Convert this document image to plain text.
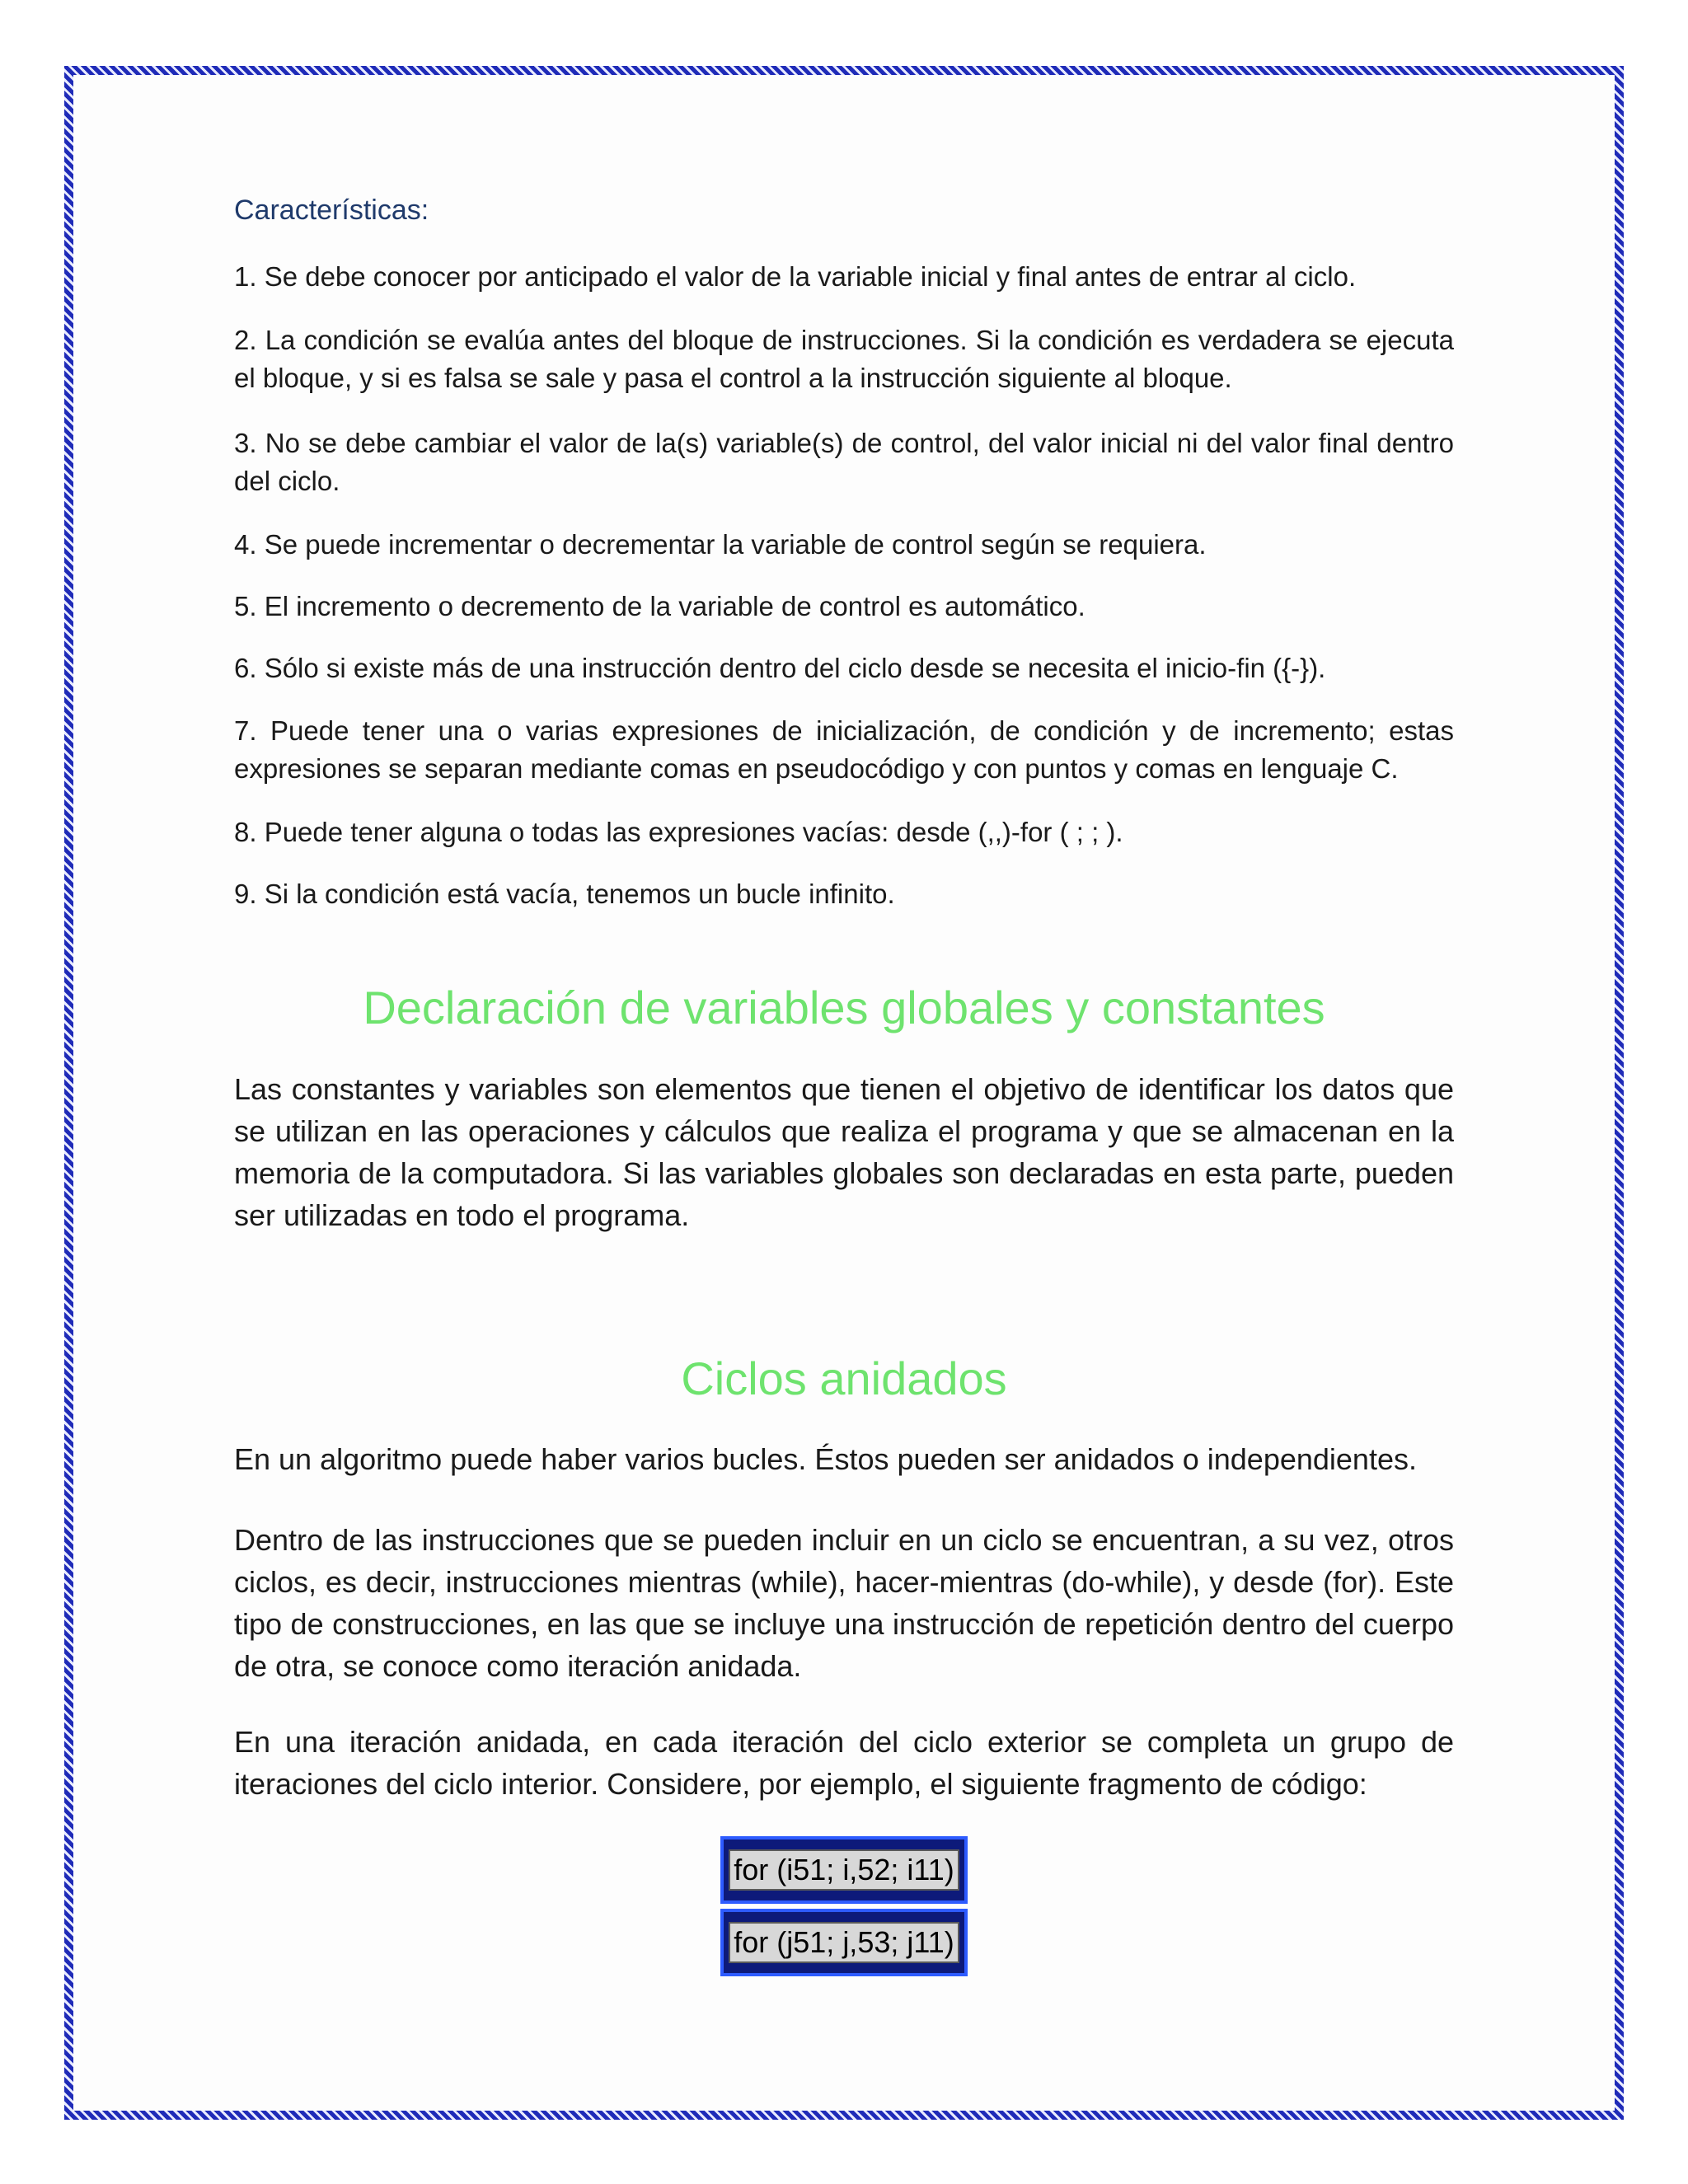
Características:
1. Se debe conocer por anticipado el valor de la variable inicial y final antes de entrar al ciclo.
2. La condición se evalúa antes del bloque de instrucciones. Si la condición es verdadera se ejecuta el bloque, y si es falsa se sale y pasa el control a la instrucción siguiente al bloque.
3. No se debe cambiar el valor de la(s) variable(s) de control, del valor inicial ni del valor final dentro del ciclo.
4. Se puede incrementar o decrementar la variable de control según se requiera.
5. El incremento o decremento de la variable de control es automático.
6. Sólo si existe más de una instrucción dentro del ciclo desde se necesita el inicio-fin ({-}).
7. Puede tener una o varias expresiones de inicialización, de condición y de incremento; estas expresiones se separan mediante comas en pseudocódigo y con puntos y comas en lenguaje C.
8. Puede tener alguna o todas las expresiones vacías: desde (,,)-for ( ; ; ).
9. Si la condición está vacía, tenemos un bucle infinito.
Declaración de variables globales y constantes
Las constantes y variables son elementos que tienen el objetivo de identificar los datos que se utilizan en las operaciones y cálculos que realiza el programa y que se almacenan en la memoria de la computadora. Si las variables globales son declaradas en esta parte, pueden ser utilizadas en todo el programa.
Ciclos anidados
En un algoritmo puede haber varios bucles. Éstos pueden ser anidados o independientes.
Dentro de las instrucciones que se pueden incluir en un ciclo se encuentran, a su vez, otros ciclos, es decir, instrucciones mientras (while), hacer-mientras (do-while), y desde (for). Este tipo de construcciones, en las que se incluye una instrucción de repetición dentro del cuerpo de otra, se conoce como iteración anidada.
En una iteración anidada, en cada iteración del ciclo exterior se completa un grupo de iteraciones del ciclo interior. Considere, por ejemplo, el siguiente fragmento de código:
for (i51; i,52; i11)
for (j51; j,53; j11)
